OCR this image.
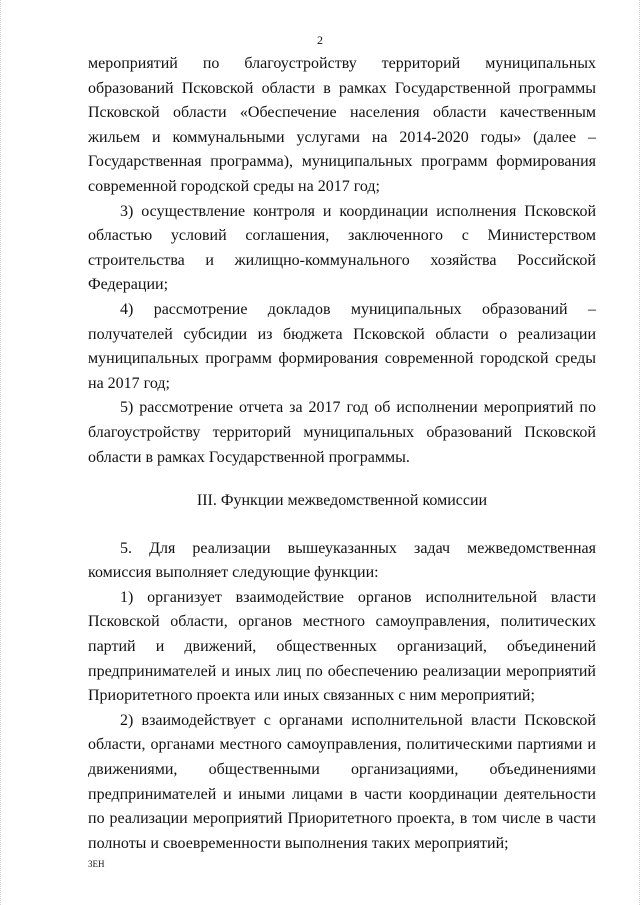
2

мероприятий по благоустройству территорий муниципальных образований Псковской области в рамках Государственной программы Псковской области «Обеспечение населения области качественным жильем и коммунальными услугами на 2014-2020 годы» (далее – Государственная программа), муниципальных программ формирования современной городской среды на 2017 год;

3) осуществление контроля и координации исполнения Псковской областью условий соглашения, заключенного с Министерством строительства и жилищно-коммунального хозяйства Российской Федерации;

4) рассмотрение докладов муниципальных образований – получателей субсидии из бюджета Псковской области о реализации муниципальных программ формирования современной городской среды на 2017 год;

5) рассмотрение отчета за 2017 год об исполнении мероприятий по благоустройству территорий муниципальных образований Псковской области в рамках Государственной программы.

III. Функции межведомственной комиссии

5. Для реализации вышеуказанных задач межведомственная комиссия выполняет следующие функции:

1) организует взаимодействие органов исполнительной власти Псковской области, органов местного самоуправления, политических партий и движений, общественных организаций, объединений предпринимателей и иных лиц по обеспечению реализации мероприятий Приоритетного проекта или иных связанных с ним мероприятий;

2) взаимодействует с органами исполнительной власти Псковской области, органами местного самоуправления, политическими партиями и движениями, общественными организациями, объединениями предпринимателей и иными лицами в части координации деятельности по реализации мероприятий Приоритетного проекта, в том числе в части полноты и своевременности выполнения таких мероприятий;

3ЕН
